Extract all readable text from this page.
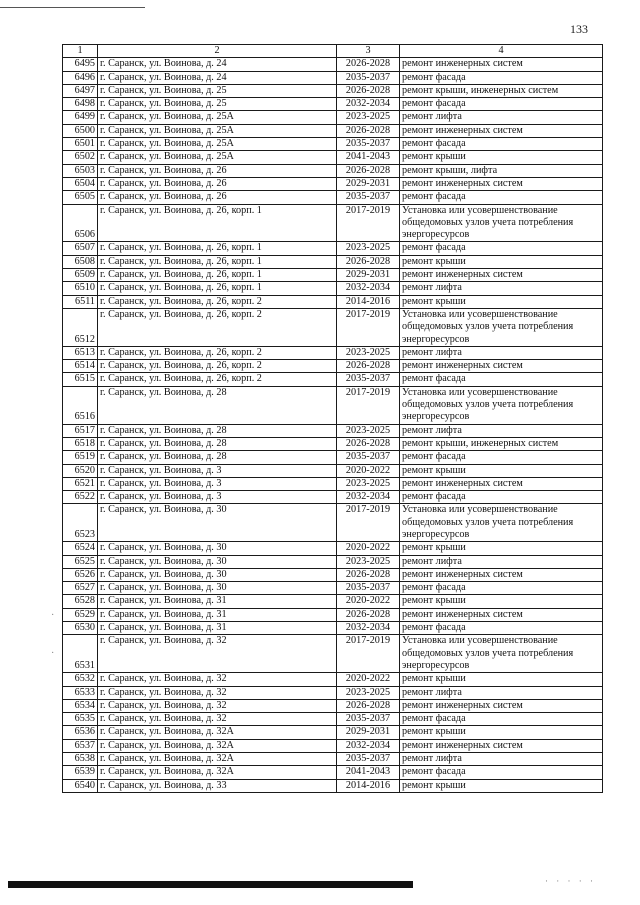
133
1	2	3	4
6495	г. Саранск, ул. Воинова, д. 24	2026-2028	ремонт инженерных систем
6496	г. Саранск, ул. Воинова, д. 24	2035-2037	ремонт фасада
6497	г. Саранск, ул. Воинова, д. 25	2026-2028	ремонт крыши, инженерных систем
6498	г. Саранск, ул. Воинова, д. 25	2032-2034	ремонт фасада
6499	г. Саранск, ул. Воинова, д. 25А	2023-2025	ремонт лифта
6500	г. Саранск, ул. Воинова, д. 25А	2026-2028	ремонт инженерных систем
6501	г. Саранск, ул. Воинова, д. 25А	2035-2037	ремонт фасада
6502	г. Саранск, ул. Воинова, д. 25А	2041-2043	ремонт крыши
6503	г. Саранск, ул. Воинова, д. 26	2026-2028	ремонт крыши, лифта
6504	г. Саранск, ул. Воинова, д. 26	2029-2031	ремонт инженерных систем
6505	г. Саранск, ул. Воинова, д. 26	2035-2037	ремонт фасада
6506	г. Саранск, ул. Воинова, д. 26, корп. 1	2017-2019	Установка или усовершенствование общедомовых узлов учета потребления энергоресурсов
6507	г. Саранск, ул. Воинова, д. 26, корп. 1	2023-2025	ремонт фасада
6508	г. Саранск, ул. Воинова, д. 26, корп. 1	2026-2028	ремонт крыши
6509	г. Саранск, ул. Воинова, д. 26, корп. 1	2029-2031	ремонт инженерных систем
6510	г. Саранск, ул. Воинова, д. 26, корп. 1	2032-2034	ремонт лифта
6511	г. Саранск, ул. Воинова, д. 26, корп. 2	2014-2016	ремонт крыши
6512	г. Саранск, ул. Воинова, д. 26, корп. 2	2017-2019	Установка или усовершенствование общедомовых узлов учета потребления энергоресурсов
6513	г. Саранск, ул. Воинова, д. 26, корп. 2	2023-2025	ремонт лифта
6514	г. Саранск, ул. Воинова, д. 26, корп. 2	2026-2028	ремонт инженерных систем
6515	г. Саранск, ул. Воинова, д. 26, корп. 2	2035-2037	ремонт фасада
6516	г. Саранск, ул. Воинова, д. 28	2017-2019	Установка или усовершенствование общедомовых узлов учета потребления энергоресурсов
6517	г. Саранск, ул. Воинова, д. 28	2023-2025	ремонт лифта
6518	г. Саранск, ул. Воинова, д. 28	2026-2028	ремонт крыши, инженерных систем
6519	г. Саранск, ул. Воинова, д. 28	2035-2037	ремонт фасада
6520	г. Саранск, ул. Воинова, д. 3	2020-2022	ремонт крыши
6521	г. Саранск, ул. Воинова, д. 3	2023-2025	ремонт инженерных систем
6522	г. Саранск, ул. Воинова, д. 3	2032-2034	ремонт фасада
6523	г. Саранск, ул. Воинова, д. 30	2017-2019	Установка или усовершенствование общедомовых узлов учета потребления энергоресурсов
6524	г. Саранск, ул. Воинова, д. 30	2020-2022	ремонт крыши
6525	г. Саранск, ул. Воинова, д. 30	2023-2025	ремонт лифта
6526	г. Саранск, ул. Воинова, д. 30	2026-2028	ремонт инженерных систем
6527	г. Саранск, ул. Воинова, д. 30	2035-2037	ремонт фасада
6528	г. Саранск, ул. Воинова, д. 31	2020-2022	ремонт крыши
6529	г. Саранск, ул. Воинова, д. 31	2026-2028	ремонт инженерных систем
6530	г. Саранск, ул. Воинова, д. 31	2032-2034	ремонт фасада
6531	г. Саранск, ул. Воинова, д. 32	2017-2019	Установка или усовершенствование общедомовых узлов учета потребления энергоресурсов
6532	г. Саранск, ул. Воинова, д. 32	2020-2022	ремонт крыши
6533	г. Саранск, ул. Воинова, д. 32	2023-2025	ремонт лифта
6534	г. Саранск, ул. Воинова, д. 32	2026-2028	ремонт инженерных систем
6535	г. Саранск, ул. Воинова, д. 32	2035-2037	ремонт фасада
6536	г. Саранск, ул. Воинова, д. 32А	2029-2031	ремонт крыши
6537	г. Саранск, ул. Воинова, д. 32А	2032-2034	ремонт инженерных систем
6538	г. Саранск, ул. Воинова, д. 32А	2035-2037	ремонт лифта
6539	г. Саранск, ул. Воинова, д. 32А	2041-2043	ремонт фасада
6540	г. Саранск, ул. Воинова, д. 33	2014-2016	ремонт крыши
·
·
· · · · ·
